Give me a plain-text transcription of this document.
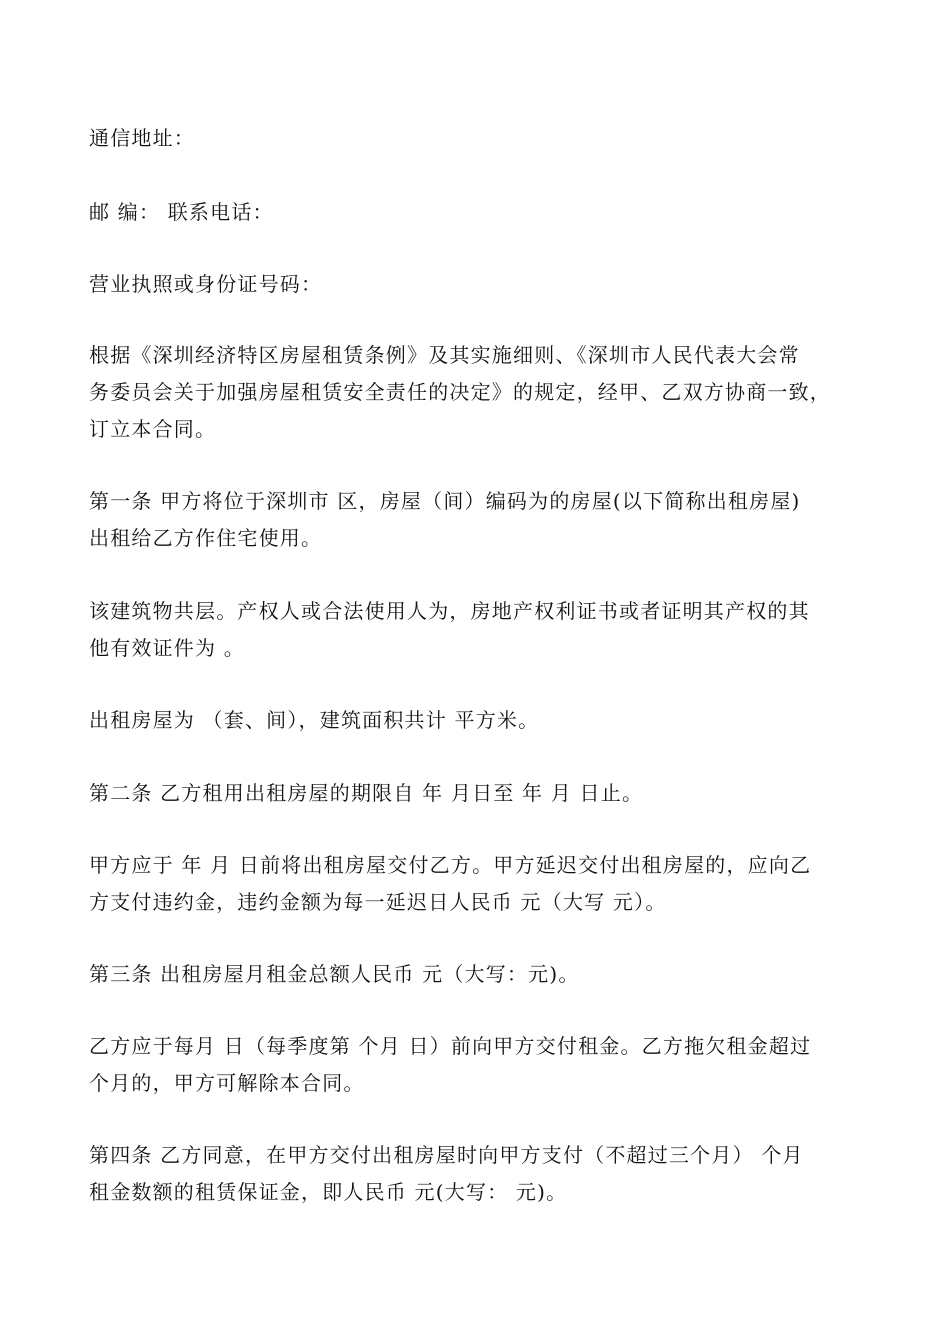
通信地址：

邮 编： 联系电话：

营业执照或身份证号码：

根据《深圳经济特区房屋租赁条例》及其实施细则、《深圳市人民代表大会常
务委员会关于加强房屋租赁安全责任的决定》的规定，经甲、乙双方协商一致，
订立本合同。

第一条 甲方将位于深圳市 区，房屋（间）编码为的房屋(以下简称出租房屋)
出租给乙方作住宅使用。

该建筑物共层。产权人或合法使用人为，房地产权利证书或者证明其产权的其
他有效证件为 。

出租房屋为 （套、间），建筑面积共计 平方米。

第二条 乙方租用出租房屋的期限自 年 月日至 年 月 日止。

甲方应于 年 月 日前将出租房屋交付乙方。甲方延迟交付出租房屋的，应向乙
方支付违约金，违约金额为每一延迟日人民币 元（大写 元）。

第三条 出租房屋月租金总额人民币 元（大写：元)。

乙方应于每月 日（每季度第 个月 日）前向甲方交付租金。乙方拖欠租金超过
个月的，甲方可解除本合同。

第四条 乙方同意，在甲方交付出租房屋时向甲方支付（不超过三个月） 个月
租金数额的租赁保证金，即人民币 元(大写： 元)。
